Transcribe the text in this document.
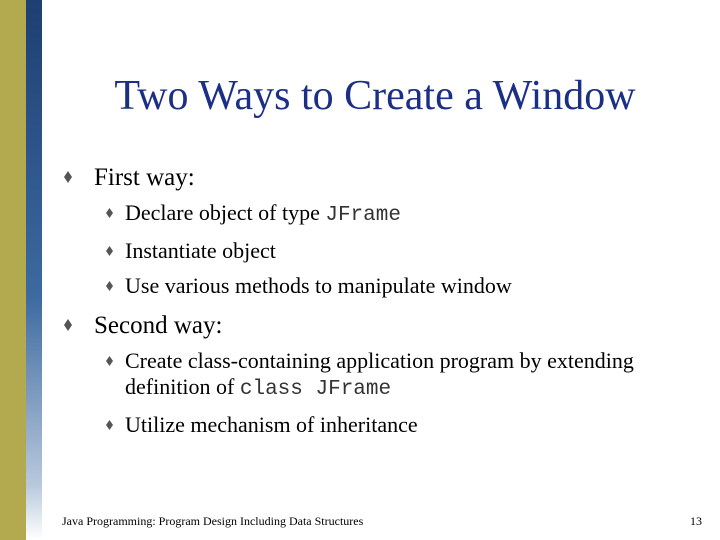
Two Ways to Create a Window
First way:
Declare object of type JFrame
Instantiate object
Use various methods to manipulate window
Second way:
Create class-containing application program by extending definition of class JFrame
Utilize mechanism of inheritance
Java Programming: Program Design Including Data Structures	13
